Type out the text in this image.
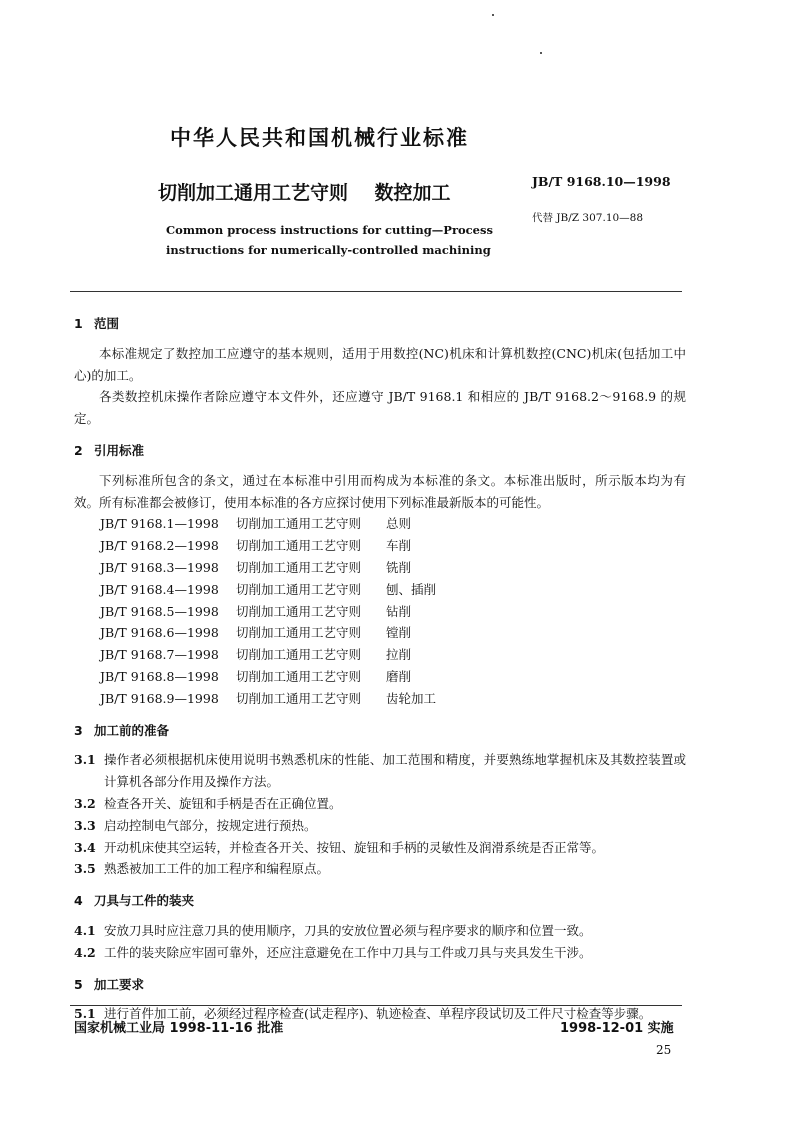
中华人民共和国机械行业标准
切削加工通用工艺守则    数控加工
JB/T 9168.10—1998
代替 JB/Z 307.10—88
Common process instructions for cutting—Process
instructions for numerically-controlled machining
1 范围
本标准规定了数控加工应遵守的基本规则，适用于用数控(NC)机床和计算机数控(CNC)机床(包括加工中心)的加工。
各类数控机床操作者除应遵守本文件外，还应遵守 JB/T 9168.1 和相应的 JB/T 9168.2～9168.9 的规定。
2 引用标准
下列标准所包含的条文，通过在本标准中引用而构成为本标准的条文。本标准出版时，所示版本均为有效。所有标准都会被修订，使用本标准的各方应探讨使用下列标准最新版本的可能性。
JB/T 9168.1—1998	切削加工通用工艺守则	总则
JB/T 9168.2—1998	切削加工通用工艺守则	车削
JB/T 9168.3—1998	切削加工通用工艺守则	铣削
JB/T 9168.4—1998	切削加工通用工艺守则	刨、插削
JB/T 9168.5—1998	切削加工通用工艺守则	钻削
JB/T 9168.6—1998	切削加工通用工艺守则	镗削
JB/T 9168.7—1998	切削加工通用工艺守则	拉削
JB/T 9168.8—1998	切削加工通用工艺守则	磨削
JB/T 9168.9—1998	切削加工通用工艺守则	齿轮加工
3 加工前的准备
3.1 操作者必须根据机床使用说明书熟悉机床的性能、加工范围和精度，并要熟练地掌握机床及其数控装置或计算机各部分作用及操作方法。
3.2 检查各开关、旋钮和手柄是否在正确位置。
3.3 启动控制电气部分，按规定进行预热。
3.4 开动机床使其空运转，并检查各开关、按钮、旋钮和手柄的灵敏性及润滑系统是否正常等。
3.5 熟悉被加工工件的加工程序和编程原点。
4 刀具与工件的装夹
4.1 安放刀具时应注意刀具的使用顺序，刀具的安放位置必须与程序要求的顺序和位置一致。
4.2 工件的装夹除应牢固可靠外，还应注意避免在工作中刀具与工件或刀具与夹具发生干涉。
5 加工要求
5.1 进行首件加工前，必须经过程序检查(试走程序)、轨迹检查、单程序段试切及工件尺寸检查等步骤。
国家机械工业局 1998-11-16 批准	1998-12-01 实施
25
